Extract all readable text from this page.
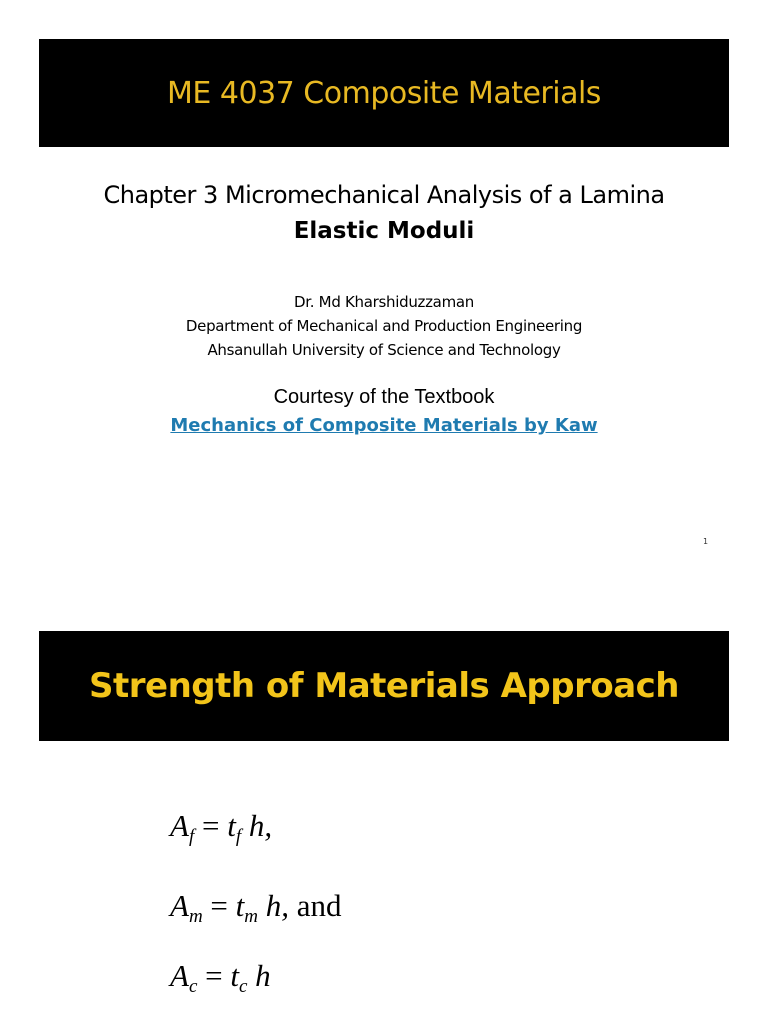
ME 4037 Composite Materials
Chapter 3 Micromechanical Analysis of a Lamina
Elastic Moduli
Dr. Md Kharshiduzzaman
Department of Mechanical and Production Engineering
Ahsanullah University of Science and Technology
Courtesy of the Textbook
Mechanics of Composite Materials by Kaw
1
Strength of Materials Approach
$A_f = t_f$ h,
$A_m = t_m$ h, and
$A_c = t_c$ h
